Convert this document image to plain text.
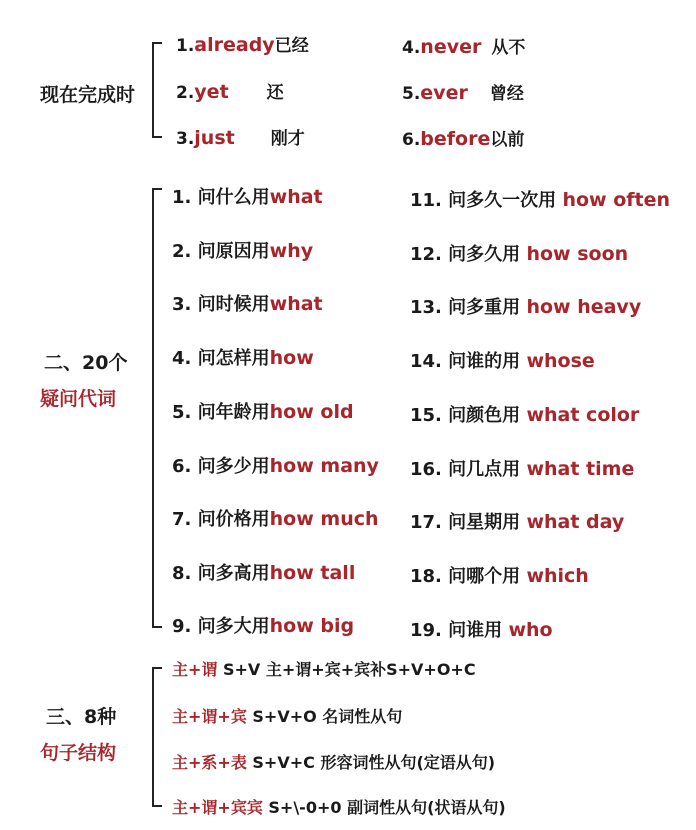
现在完成时
1.already已经
2.yet 还
3.just 刚才
4.never 从不
5.ever 曾经
6.before以前
二、20个
疑问代词
1. 问什么用what
2. 问原因用why
3. 问时候用what
4. 问怎样用how
5. 问年龄用how old
6. 问多少用how many
7. 问价格用how much
8. 问多高用how tall
9. 问多大用how big
11. 问多久一次用 how often
12. 问多久用 how soon
13. 问多重用 how heavy
14. 问谁的用 whose
15. 问颜色用 what color
16. 问几点用 what time
17. 问星期用 what day
18. 问哪个用 which
19. 问谁用 who
三、8种
句子结构
主+谓 S+V 主+谓+宾+宾补S+V+O+C
主+谓+宾 S+V+O 名词性从句
主+系+表 S+V+C 形容词性从句(定语从句)
主+谓+宾宾 S+\-0+0 副词性从句(状语从句)
